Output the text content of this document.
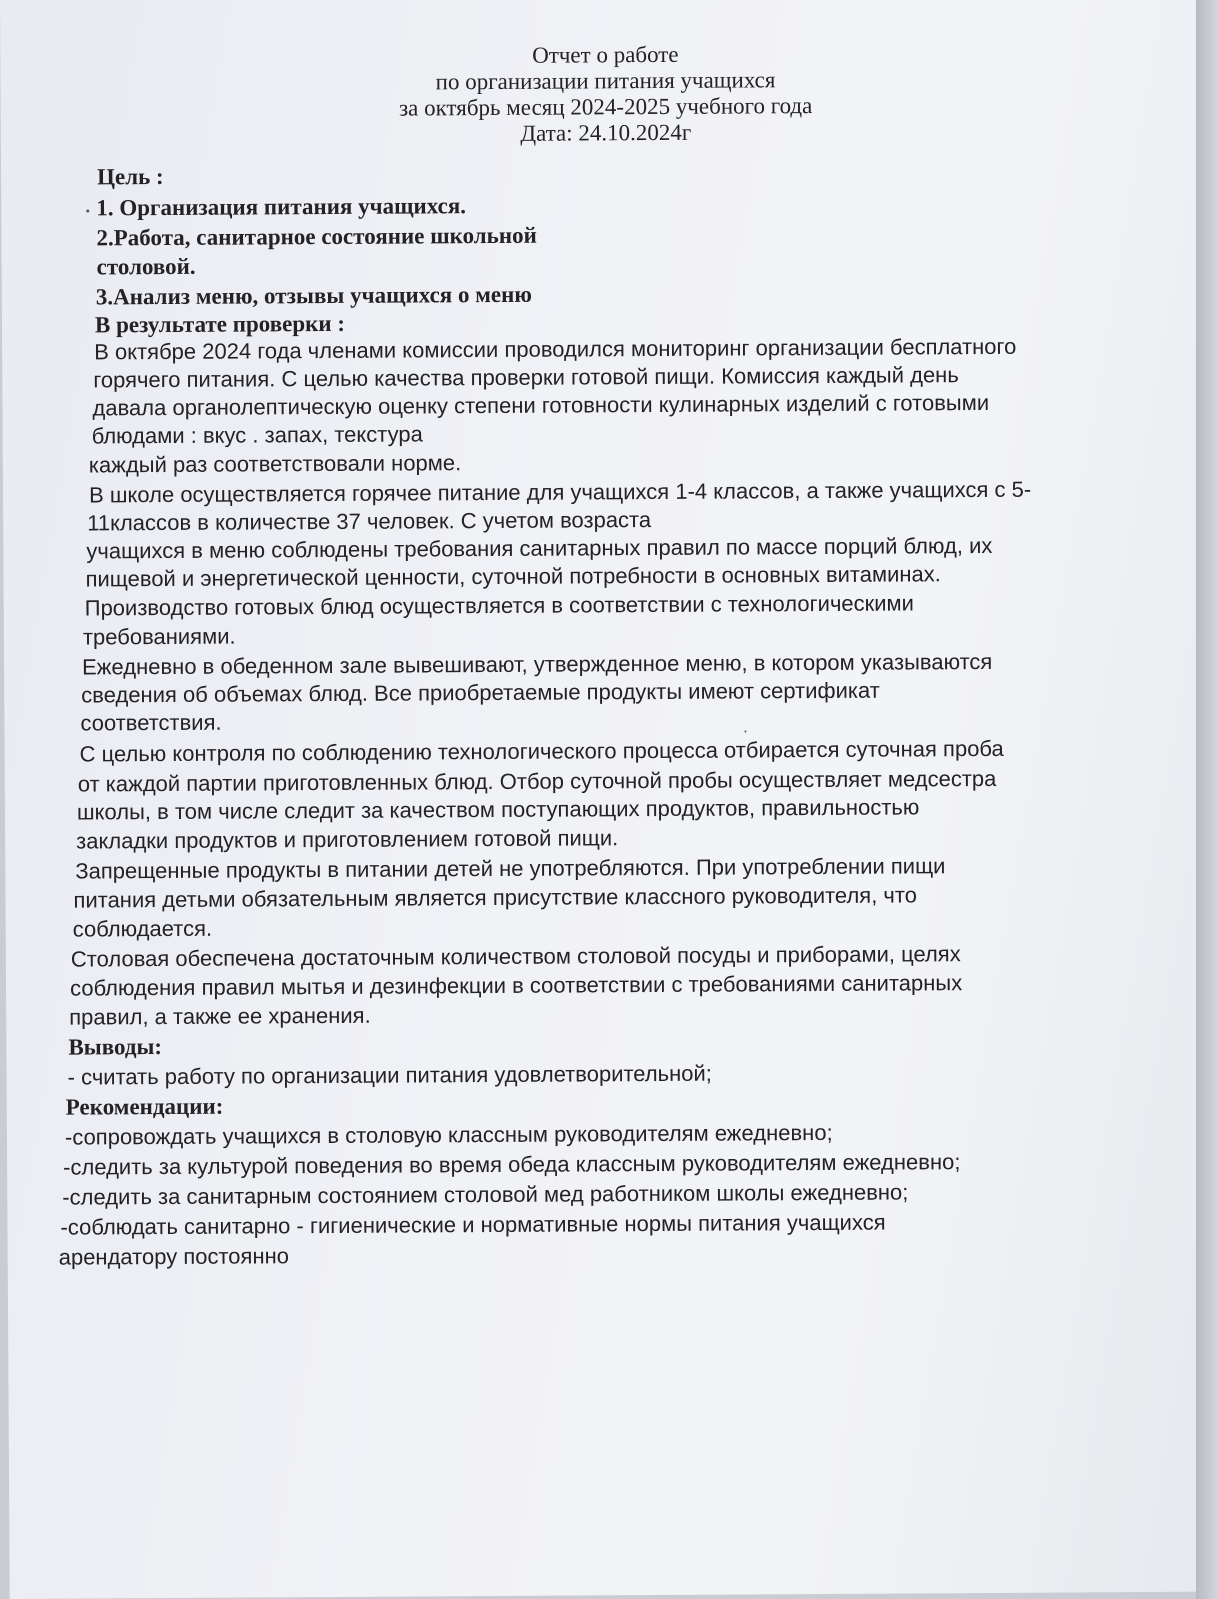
Отчет о работе
по организации питания учащихся
за октябрь месяц 2024-2025 учебного года
Дата: 24.10.2024г
Цель :
1. Организация питания учащихся.
2.Работа, санитарное состояние школьной
столовой.
3.Анализ меню, отзывы учащихся о меню
В результате проверки :
В октябре 2024 года членами комиссии проводился мониторинг организации бесплатного
горячего питания. С целью качества проверки готовой пищи. Комиссия каждый день
давала органолептическую оценку степени готовности кулинарных изделий с готовыми
блюдами : вкус . запах, текстура
каждый раз соответствовали норме.
В школе осуществляется горячее питание для учащихся 1-4 классов, а также учащихся с 5-
11классов в количестве 37 человек. С учетом возраста
учащихся в меню соблюдены требования санитарных правил по массе порций блюд, их
пищевой и энергетической ценности, суточной потребности в основных витаминах.
Производство готовых блюд осуществляется в соответствии с технологическими
требованиями.
Ежедневно в обеденном зале вывешивают, утвержденное меню, в котором указываются
сведения об объемах блюд. Все приобретаемые продукты имеют сертификат
соответствия.
С целью контроля по соблюдению технологического процесса отбирается суточная проба
от каждой партии приготовленных блюд. Отбор суточной пробы осуществляет медсестра
школы, в том числе следит за качеством поступающих продуктов, правильностью
закладки продуктов и приготовлением готовой пищи.
Запрещенные продукты в питании детей не употребляются. При употреблении пищи
питания детьми обязательным является присутствие классного руководителя, что
соблюдается.
Столовая обеспечена достаточным количеством столовой посуды и приборами, целях
соблюдения правил мытья и дезинфекции в соответствии с требованиями санитарных
правил, а также ее хранения.
Выводы:
- считать работу по организации питания удовлетворительной;
Рекомендации:
-сопровождать учащихся в столовую классным руководителям ежедневно;
-следить за культурой поведения во время обеда классным руководителям ежедневно;
-следить за санитарным состоянием столовой мед работником школы ежедневно;
-соблюдать санитарно - гигиенические и нормативные нормы питания учащихся
арендатору постоянно
